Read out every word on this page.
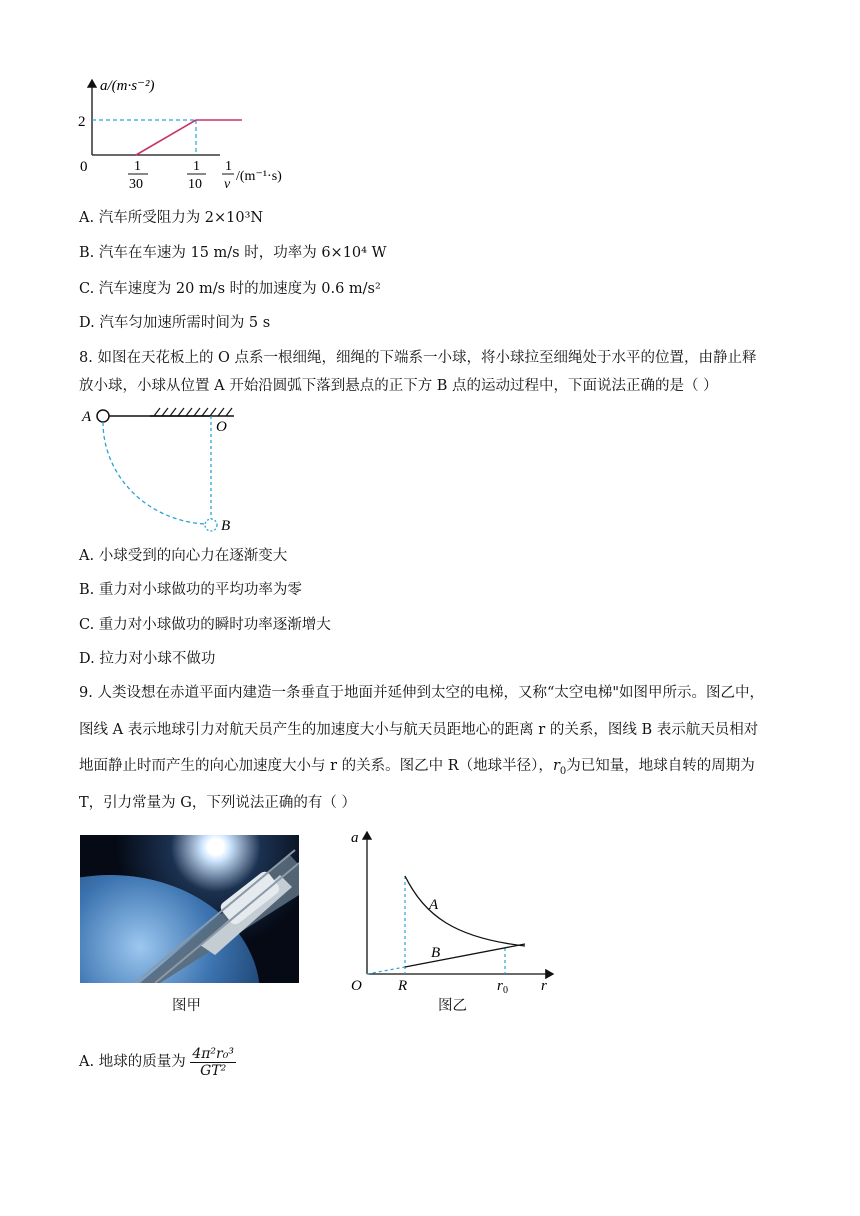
a/(m·s⁻²)
2
0	1
30
1
10
1
v
/(m⁻¹·s)
A. 汽车所受阻力为 2×10³N
B. 汽车在车速为 15 m/s 时，功率为 6×10⁴ W
C. 汽车速度为 20 m/s 时的加速度为 0.6 m/s²
D. 汽车匀加速所需时间为 5 s
8. 如图在天花板上的 O 点系一根细绳，细绳的下端系一小球，将小球拉至细绳处于水平的位置，由静止释
放小球，小球从位置 A 开始沿圆弧下落到悬点的正下方 B 点的运动过程中，下面说法正确的是（ ）
A
O
B
A. 小球受到的向心力在逐渐变大
B. 重力对小球做功的平均功率为零
C. 重力对小球做功的瞬时功率逐渐增大
D. 拉力对小球不做功
9. 人类设想在赤道平面内建造一条垂直于地面并延伸到太空的电梯，又称“太空电梯"如图甲所示。图乙中，
图线 A 表示地球引力对航天员产生的加速度大小与航天员距地心的距离 r 的关系，图线 B 表示航天员相对
地面静止时而产生的向心加速度大小与 r 的关系。图乙中 R（地球半径），$r_0$为已知量，地球自转的周期为
T，引力常量为 G，下列说法正确的有（ ）
图甲
a
A
B
O R	r 0 r
图乙
A. 地球的质量为 $\frac{\text{4π²r₀³}}{\text{GT²}}$
